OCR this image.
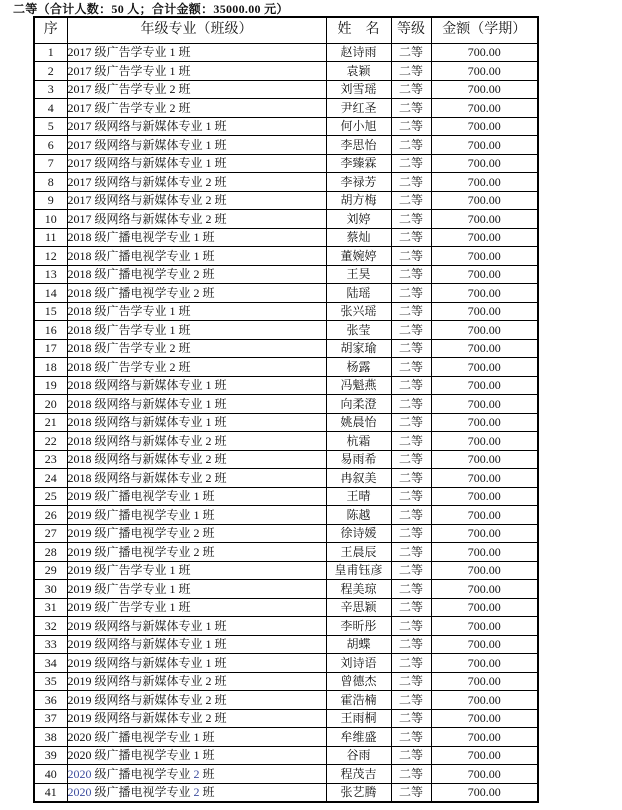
二等（合计人数：50 人；合计金额：35000.00 元）
序	年级专业（班级）	姓　名	等级	金额（学期）
1	2017 级广告学专业 1 班	赵诗雨	二等	700.00
2	2017 级广告学专业 1 班	袁颖	二等	700.00
3	2017 级广告学专业 2 班	刘雪瑶	二等	700.00
4	2017 级广告学专业 2 班	尹红圣	二等	700.00
5	2017 级网络与新媒体专业 1 班	何小旭	二等	700.00
6	2017 级网络与新媒体专业 1 班	李思怡	二等	700.00
7	2017 级网络与新媒体专业 1 班	李臻霖	二等	700.00
8	2017 级网络与新媒体专业 2 班	李禄芳	二等	700.00
9	2017 级网络与新媒体专业 2 班	胡方梅	二等	700.00
10	2017 级网络与新媒体专业 2 班	刘婷	二等	700.00
11	2018 级广播电视学专业 1 班	蔡灿	二等	700.00
12	2018 级广播电视学专业 1 班	董婉婷	二等	700.00
13	2018 级广播电视学专业 2 班	王昊	二等	700.00
14	2018 级广播电视学专业 2 班	陆瑶	二等	700.00
15	2018 级广告学专业 1 班	张兴瑶	二等	700.00
16	2018 级广告学专业 1 班	张莹	二等	700.00
17	2018 级广告学专业 2 班	胡家瑜	二等	700.00
18	2018 级广告学专业 2 班	杨露	二等	700.00
19	2018 级网络与新媒体专业 1 班	冯魁燕	二等	700.00
20	2018 级网络与新媒体专业 1 班	向柔澄	二等	700.00
21	2018 级网络与新媒体专业 1 班	姚晨怡	二等	700.00
22	2018 级网络与新媒体专业 2 班	杭霜	二等	700.00
23	2018 级网络与新媒体专业 2 班	易雨希	二等	700.00
24	2018 级网络与新媒体专业 2 班	冉叙美	二等	700.00
25	2019 级广播电视学专业 1 班	王晴	二等	700.00
26	2019 级广播电视学专业 1 班	陈越	二等	700.00
27	2019 级广播电视学专业 2 班	徐诗媛	二等	700.00
28	2019 级广播电视学专业 2 班	王晨辰	二等	700.00
29	2019 级广告学专业 1 班	皇甫钰彦	二等	700.00
30	2019 级广告学专业 1 班	程美琼	二等	700.00
31	2019 级广告学专业 1 班	辛思颖	二等	700.00
32	2019 级网络与新媒体专业 1 班	李昕彤	二等	700.00
33	2019 级网络与新媒体专业 1 班	胡蝶	二等	700.00
34	2019 级网络与新媒体专业 1 班	刘诗语	二等	700.00
35	2019 级网络与新媒体专业 2 班	曾德杰	二等	700.00
36	2019 级网络与新媒体专业 2 班	霍浩楠	二等	700.00
37	2019 级网络与新媒体专业 2 班	王雨桐	二等	700.00
38	2020 级广播电视学专业 1 班	牟维盛	二等	700.00
39	2020 级广播电视学专业 1 班	谷雨	二等	700.00
40	2020 级广播电视学专业 2 班	程茂吉	二等	700.00
41	2020 级广播电视学专业 2 班	张艺腾	二等	700.00
